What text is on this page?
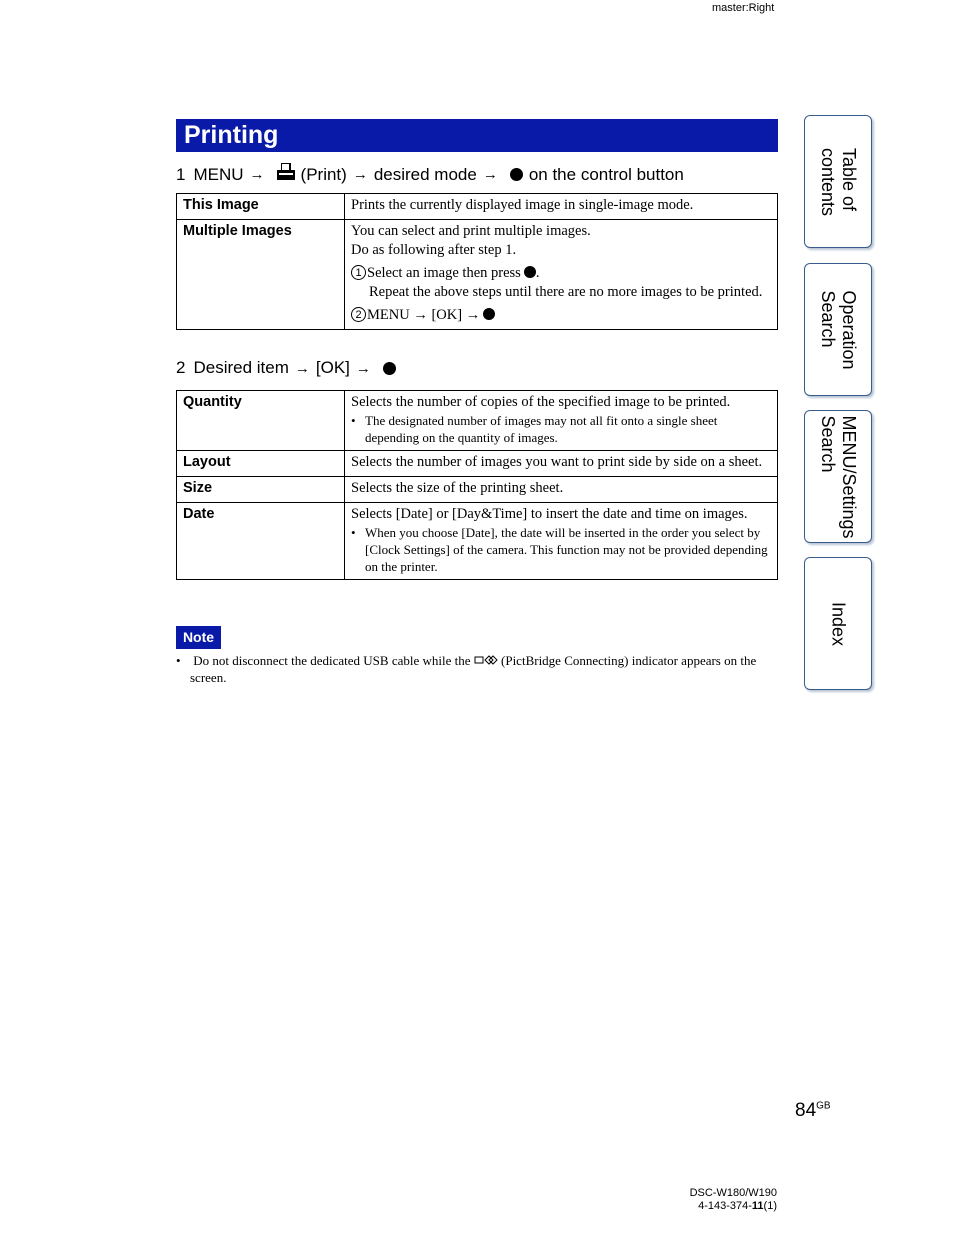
master:Right
Printing
1 MENU → (Print) → desired mode → on the control button
This Image	Prints the currently displayed image in single-image mode.
Multiple Images	You can select and print multiple images.
Do as following after step 1.
1 Select an image then press .
Repeat the above steps until there are no more images to be printed.
2 MENU → [OK] →
2 Desired item → [OK] →
Quantity	Selects the number of copies of the specified image to be printed.
• The designated number of images may not all fit onto a single sheet depending on the quantity of images.

Layout	Selects the number of images you want to print side by side on a sheet.
Size	Selects the size of the printing sheet.
Date	Selects [Date] or [Day&Time] to insert the date and time on images.
• When you choose [Date], the date will be inserted in the order you select by [Clock Settings] of the camera. This function may not be provided depending on the printer.
Note
• Do not disconnect the dedicated USB cable while the (PictBridge Connecting) indicator appears on the screen.
Table of
contents
Operation
Search
MENU/Settings
Search
Index
$84^{GB}$
DSC-W180/W190
4-143-374-11(1)
